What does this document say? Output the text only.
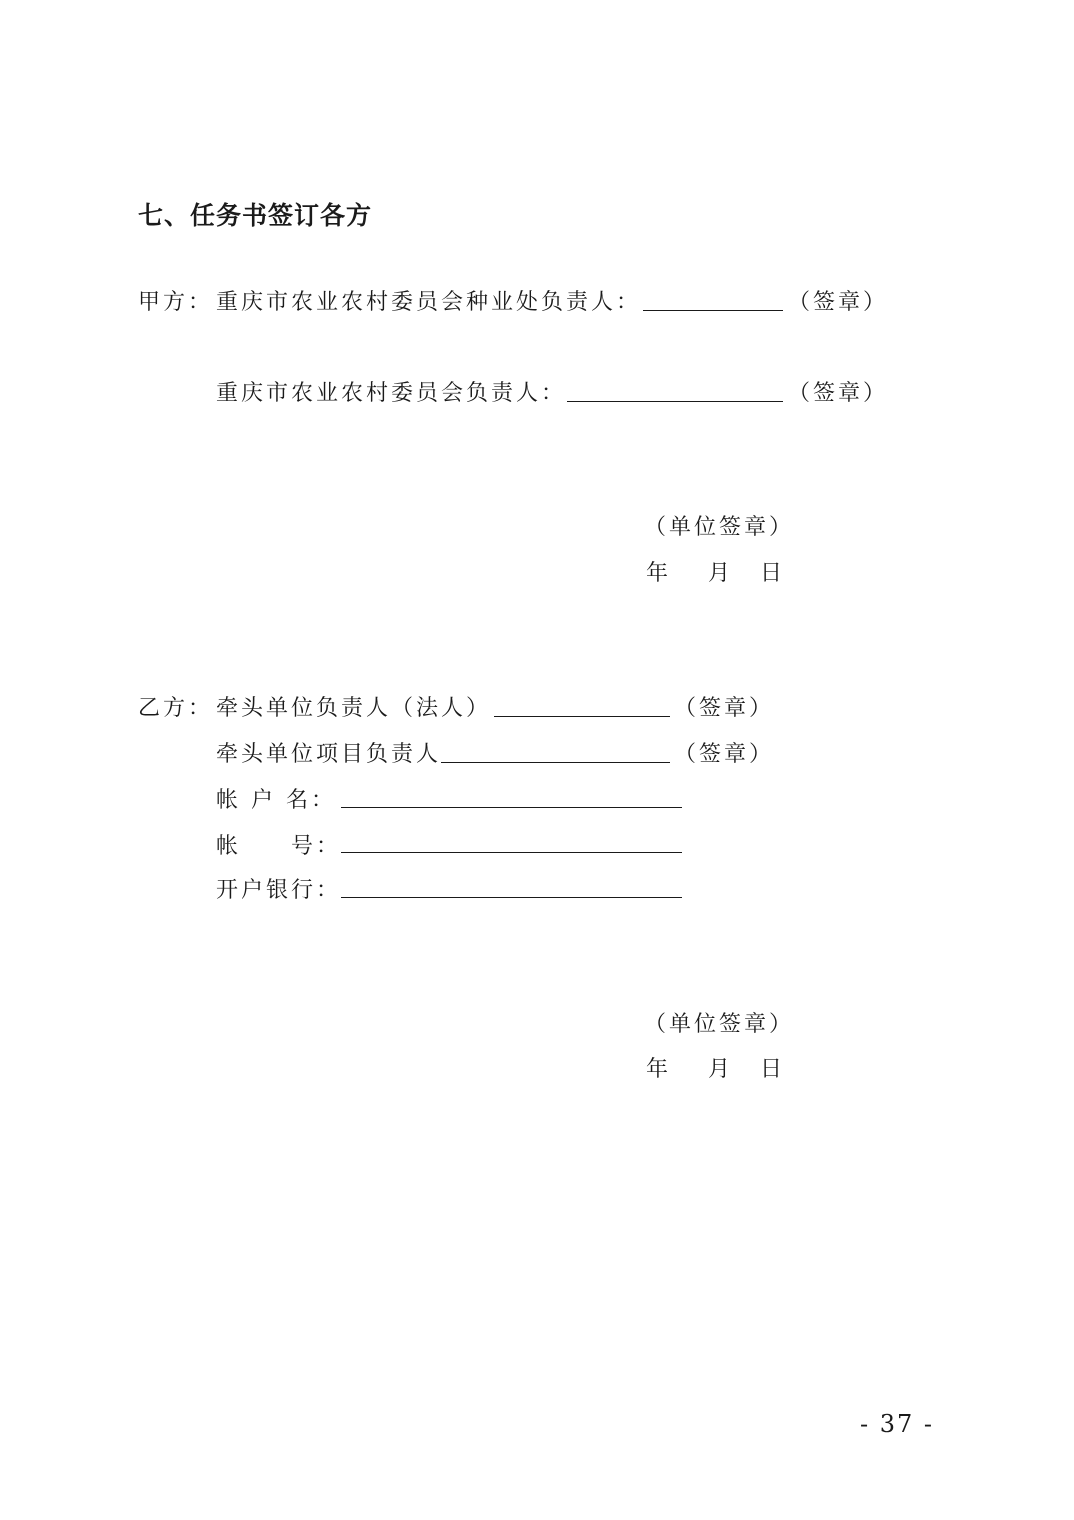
七、任务书签订各方
甲方： 重庆市农业农村委员会种业处负责人：	（签章）
重庆市农业农村委员会负责人：	（签章）
（单位签章）
年 月 日
乙方： 牵头单位负责人（法人）	（签章）
牵头单位项目负责人	（签章）
帐 户 名：
帐　　号：
开户银行：
（单位签章）
年 月 日
- 37 -
